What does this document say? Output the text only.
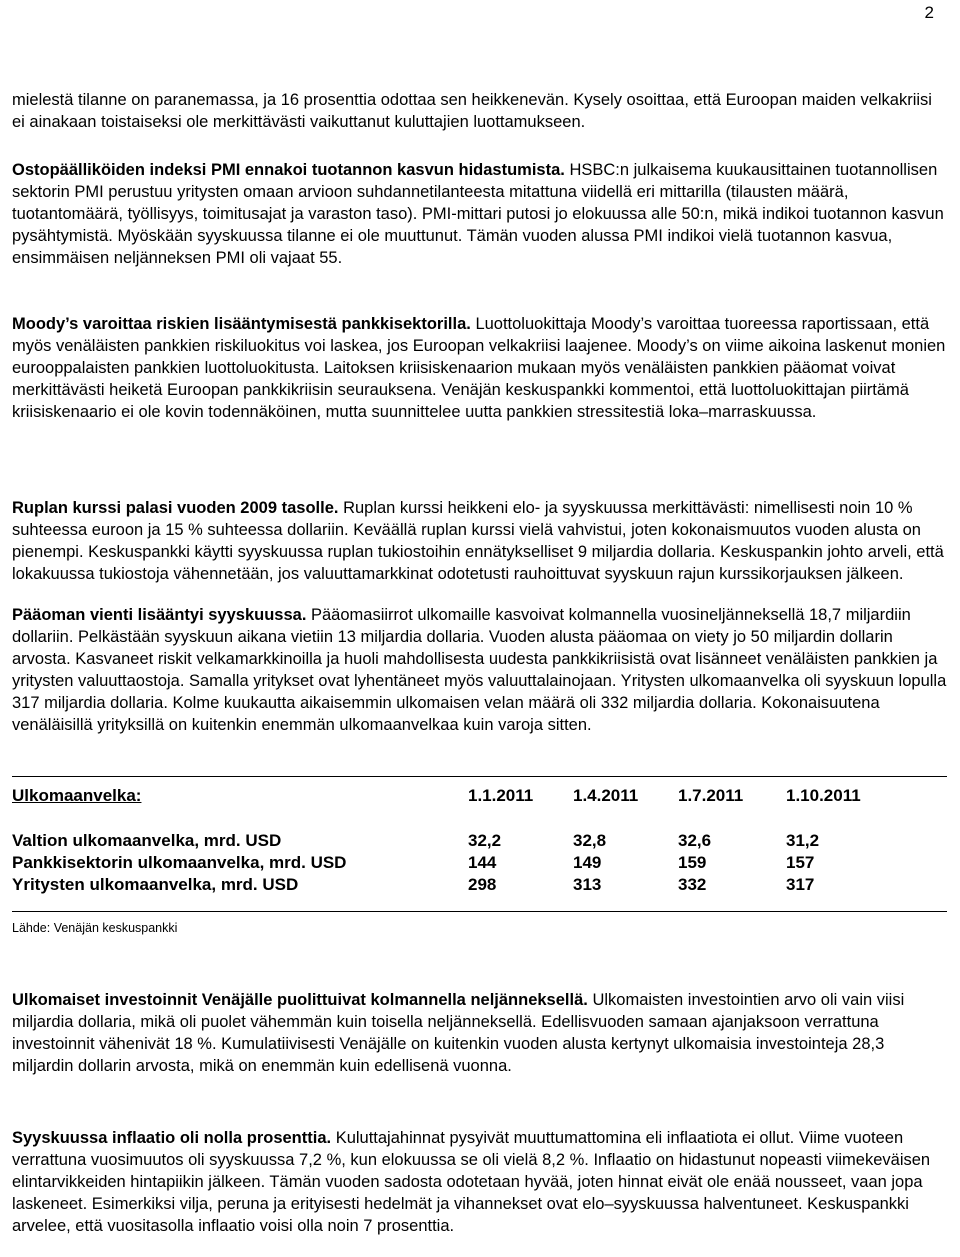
2

mielestä tilanne on paranemassa, ja 16 prosenttia odottaa sen heikkenevän. Kysely osoittaa, että Euroopan maiden velkakriisi ei ainakaan toistaiseksi ole merkittävästi vaikuttanut kuluttajien luottamukseen.

Ostopäälliköiden indeksi PMI ennakoi tuotannon kasvun hidastumista. HSBC:n julkaisema kuukausittainen tuotannollisen sektorin PMI perustuu yritysten omaan arvioon suhdannetilanteesta mitattuna viidellä eri mittarilla (tilausten määrä, tuotantomäärä, työllisyys, toimitusajat ja varaston taso). PMI-mittari putosi jo elokuussa alle 50:n, mikä indikoi tuotannon kasvun pysähtymistä. Myöskään syyskuussa tilanne ei ole muuttunut. Tämän vuoden alussa PMI indikoi vielä tuotannon kasvua, ensimmäisen neljänneksen PMI oli vajaat 55.

Moody’s varoittaa riskien lisääntymisestä pankkisektorilla. Luottoluokittaja Moody’s varoittaa tuoreessa raportissaan, että myös venäläisten pankkien riskiluokitus voi laskea, jos Euroopan velkakriisi laajenee. Moody’s on viime aikoina laskenut monien eurooppalaisten pankkien luottoluokitusta. Laitoksen kriisiskenaarion mukaan myös venäläisten pankkien pääomat voivat merkittävästi heiketä Euroopan pankkikriisin seurauksena. Venäjän keskuspankki kommentoi, että luottoluokittajan piirtämä kriisiskenaario ei ole kovin todennäköinen, mutta suunnittelee uutta pankkien stressitestiä loka–marraskuussa.

Ruplan kurssi palasi vuoden 2009 tasolle. Ruplan kurssi heikkeni elo- ja syyskuussa merkittävästi: nimellisesti noin 10 % suhteessa euroon ja 15 % suhteessa dollariin. Keväällä ruplan kurssi vielä vahvistui, joten kokonaismuutos vuoden alusta on pienempi. Keskuspankki käytti syyskuussa ruplan tukiostoihin ennätykselliset 9 miljardia dollaria. Keskuspankin johto arveli, että lokakuussa tukiostoja vähennetään, jos valuuttamarkkinat odotetusti rauhoittuvat syyskuun rajun kurssikorjauksen jälkeen.

Pääoman vienti lisääntyi syyskuussa. Pääomasiirrot ulkomaille kasvoivat kolmannella vuosineljänneksellä 18,7 miljardiin dollariin. Pelkästään syyskuun aikana vietiin 13 miljardia dollaria. Vuoden alusta pääomaa on viety jo 50 miljardin dollarin arvosta. Kasvaneet riskit velkamarkkinoilla ja huoli mahdollisesta uudesta pankkikriisistä ovat lisänneet venäläisten pankkien ja yritysten valuuttaostoja. Samalla yritykset ovat lyhentäneet myös valuuttalainojaan. Yritysten ulkomaanvelka oli syyskuun lopulla 317 miljardia dollaria. Kolme kuukautta aikaisemmin ulkomaisen velan määrä oli 332 miljardia dollaria. Kokonaisuutena venäläisillä yrityksillä on kuitenkin enemmän ulkomaanvelkaa kuin varoja sitten.

Ulkomaanvelka:	1.1.2011 1.4.2011 1.7.2011	1.10.2011
Valtion ulkomaanvelka, mrd. USD	32,2	32,8	32,6	31,2
Pankkisektorin ulkomaanvelka, mrd. USD	144	149	159	157
Yritysten ulkomaanvelka, mrd. USD	298	313	332	317
Lähde: Venäjän keskuspankki

Ulkomaiset investoinnit Venäjälle puolittuivat kolmannella neljänneksellä. Ulkomaisten investointien arvo oli vain viisi miljardia dollaria, mikä oli puolet vähemmän kuin toisella neljänneksellä. Edellisvuoden samaan ajanjaksoon verrattuna investoinnit vähenivät 18 %. Kumulatiivisesti Venäjälle on kuitenkin vuoden alusta kertynyt ulkomaisia investointeja 28,3 miljardin dollarin arvosta, mikä on enemmän kuin edellisenä vuonna.

Syyskuussa inflaatio oli nolla prosenttia. Kuluttajahinnat pysyivät muuttumattomina eli inflaatiota ei ollut. Viime vuoteen verrattuna vuosimuutos oli syyskuussa 7,2 %, kun elokuussa se oli vielä 8,2 %. Inflaatio on hidastunut nopeasti viimekeväisen elintarvikkeiden hintapiikin jälkeen. Tämän vuoden sadosta odotetaan hyvää, joten hinnat eivät ole enää nousseet, vaan jopa laskeneet. Esimerkiksi vilja, peruna ja erityisesti hedelmät ja vihannekset ovat elo–syyskuussa halventuneet. Keskuspankki arvelee, että vuositasolla inflaatio voisi olla noin 7 prosenttia.
